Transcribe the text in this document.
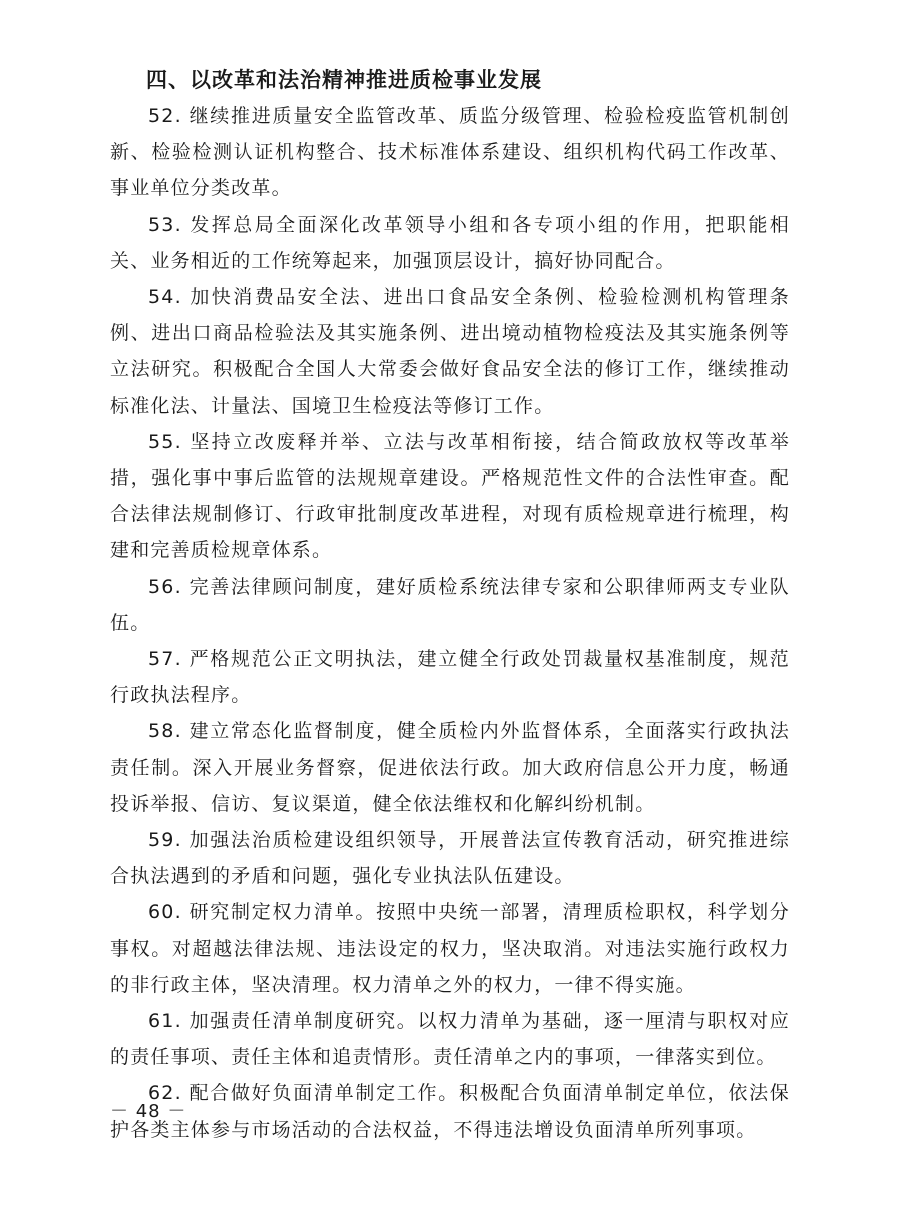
四、以改革和法治精神推进质检事业发展

52. 继续推进质量安全监管改革、质监分级管理、检验检疫监管机制创新、检验检测认证机构整合、技术标准体系建设、组织机构代码工作改革、事业单位分类改革。

53. 发挥总局全面深化改革领导小组和各专项小组的作用，把职能相关、业务相近的工作统筹起来，加强顶层设计，搞好协同配合。

54. 加快消费品安全法、进出口食品安全条例、检验检测机构管理条例、进出口商品检验法及其实施条例、进出境动植物检疫法及其实施条例等立法研究。积极配合全国人大常委会做好食品安全法的修订工作，继续推动标准化法、计量法、国境卫生检疫法等修订工作。

55. 坚持立改废释并举、立法与改革相衔接，结合简政放权等改革举措，强化事中事后监管的法规规章建设。严格规范性文件的合法性审查。配合法律法规制修订、行政审批制度改革进程，对现有质检规章进行梳理，构建和完善质检规章体系。

56. 完善法律顾问制度，建好质检系统法律专家和公职律师两支专业队伍。

57. 严格规范公正文明执法，建立健全行政处罚裁量权基准制度，规范行政执法程序。

58. 建立常态化监督制度，健全质检内外监督体系，全面落实行政执法责任制。深入开展业务督察，促进依法行政。加大政府信息公开力度，畅通投诉举报、信访、复议渠道，健全依法维权和化解纠纷机制。

59. 加强法治质检建设组织领导，开展普法宣传教育活动，研究推进综合执法遇到的矛盾和问题，强化专业执法队伍建设。

60. 研究制定权力清单。按照中央统一部署，清理质检职权，科学划分事权。对超越法律法规、违法设定的权力，坚决取消。对违法实施行政权力的非行政主体，坚决清理。权力清单之外的权力，一律不得实施。

61. 加强责任清单制度研究。以权力清单为基础，逐一厘清与职权对应的责任事项、责任主体和追责情形。责任清单之内的事项，一律落实到位。

62. 配合做好负面清单制定工作。积极配合负面清单制定单位，依法保护各类主体参与市场活动的合法权益，不得违法增设负面清单所列事项。

－ 48 －
